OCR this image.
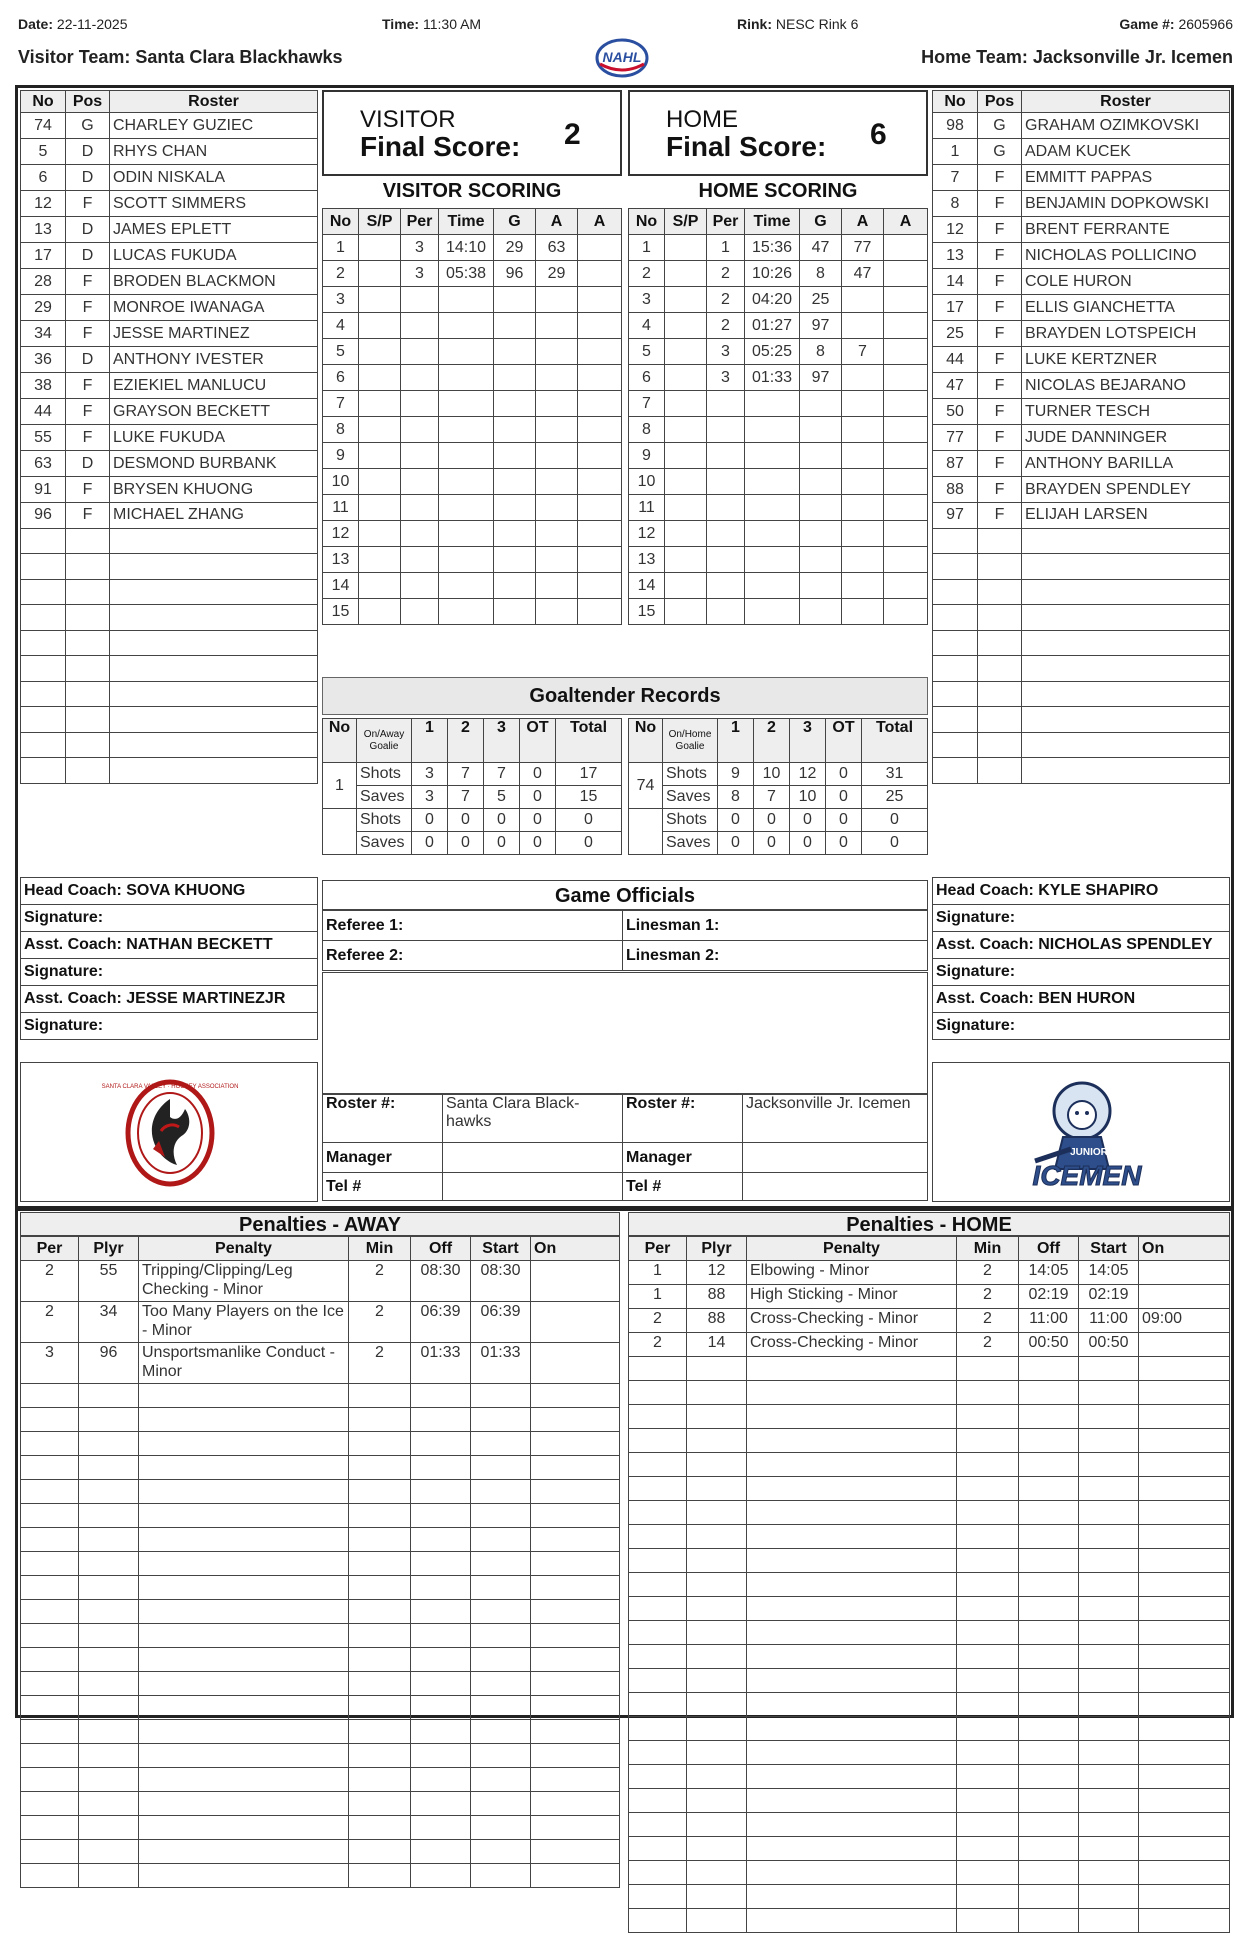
Date: 22-11-2025	Time: 11:30 AM	Rink: NESC Rink 6	Game #: 2605966
Visitor Team: Santa Clara Blackhawks	Home Team: Jacksonville Jr. Icemen
NAHL
No	Pos	Roster
74	G	CHARLEY GUZIEC
5	D	RHYS CHAN
6	D	ODIN NISKALA
12	F	SCOTT SIMMERS
13	D	JAMES EPLETT
17	D	LUCAS FUKUDA
28	F	BRODEN BLACKMON
29	F	MONROE IWANAGA
34	F	JESSE MARTINEZ
36	D	ANTHONY IVESTER
38	F	EZIEKIEL MANLUCU
44	F	GRAYSON BECKETT
55	F	LUKE FUKUDA
63	D	DESMOND BURBANK
91	F	BRYSEN KHUONG
96	F	MICHAEL ZHANG

No	Pos	Roster
98	G	GRAHAM OZIMKOVSKI
1	G	ADAM KUCEK
7	F	EMMITT PAPPAS
8	F	BENJAMIN DOPKOWSKI
12	F	BRENT FERRANTE
13	F	NICHOLAS POLLICINO
14	F	COLE HURON
17	F	ELLIS GIANCHETTA
25	F	BRAYDEN LOTSPEICH
44	F	LUKE KERTZNER
47	F	NICOLAS BEJARANO
50	F	TURNER TESCH
77	F	JUDE DANNINGER
87	F	ANTHONY BARILLA
88	F	BRAYDEN SPENDLEY
97	F	ELIJAH LARSEN

VISITOR
Final Score: 2	HOME
Final Score: 6
VISITOR SCORING
No	S/P	Per	Time	G	A	A
1		3	14:10	29	63	
2		3	05:38	96	29	
3						
4						
5						
6						
7						
8						
9						
10						
11						
12						
13						
14						
15						
HOME SCORING
No	S/P	Per	Time	G	A	A
1		1	15:36	47	77	
2		2	10:26	8	47	
3		2	04:20	25		
4		2	01:27	97		
5		3	05:25	8	7	
6		3	01:33	97		
7						
8						
9						
10						
11						
12						
13						
14						
15						
Goaltender Records
No	On/Away Goalie	1	2	3	OT	Total
1	Shots	3	7	7	0	17
	Saves	3	7	5	0	15
	Shots	0	0	0	0	0
	Saves	0	0	0	0	0
No	On/Home Goalie	1	2	3	OT	Total
74	Shots	9	10	12	0	31
	Saves	8	7	10	0	25
	Shots	0	0	0	0	0
	Saves	0	0	0	0	0
Head Coach: SOVA KHUONG
Signature:
Asst. Coach: NATHAN BECKETT
Signature:
Asst. Coach: JESSE MARTINEZJR
Signature:
Head Coach: KYLE SHAPIRO
Signature:
Asst. Coach: NICHOLAS SPENDLEY
Signature:
Asst. Coach: BEN HURON
Signature:
SANTA CLARA VALLEY · HOCKEY ASSOCIATION
JUNIOR
ICEMEN
Game Officials
Referee 1:	Linesman 1:
Referee 2:	Linesman 2:
Roster #:	Santa Clara Black-hawks	Roster #:	Jacksonville Jr. Icemen
Manager		Manager	
Tel #		Tel #	
Penalties - AWAY
Per	Plyr	Penalty	Min	Off	Start	On
2	55	Tripping/Clipping/Leg Checking - Minor	2	08:30	08:30	
2	34	Too Many Players on the Ice - Minor	2	06:39	06:39	
3	96	Unsportsmanlike Conduct - Minor	2	01:33	01:33	

Penalties - HOME
Per	Plyr	Penalty	Min	Off	Start	On
1	12	Elbowing - Minor	2	14:05	14:05	
1	88	High Sticking - Minor	2	02:19	02:19	
2	88	Cross-Checking - Minor	2	11:00	11:00	09:00
2	14	Cross-Checking - Minor	2	00:50	00:50	
